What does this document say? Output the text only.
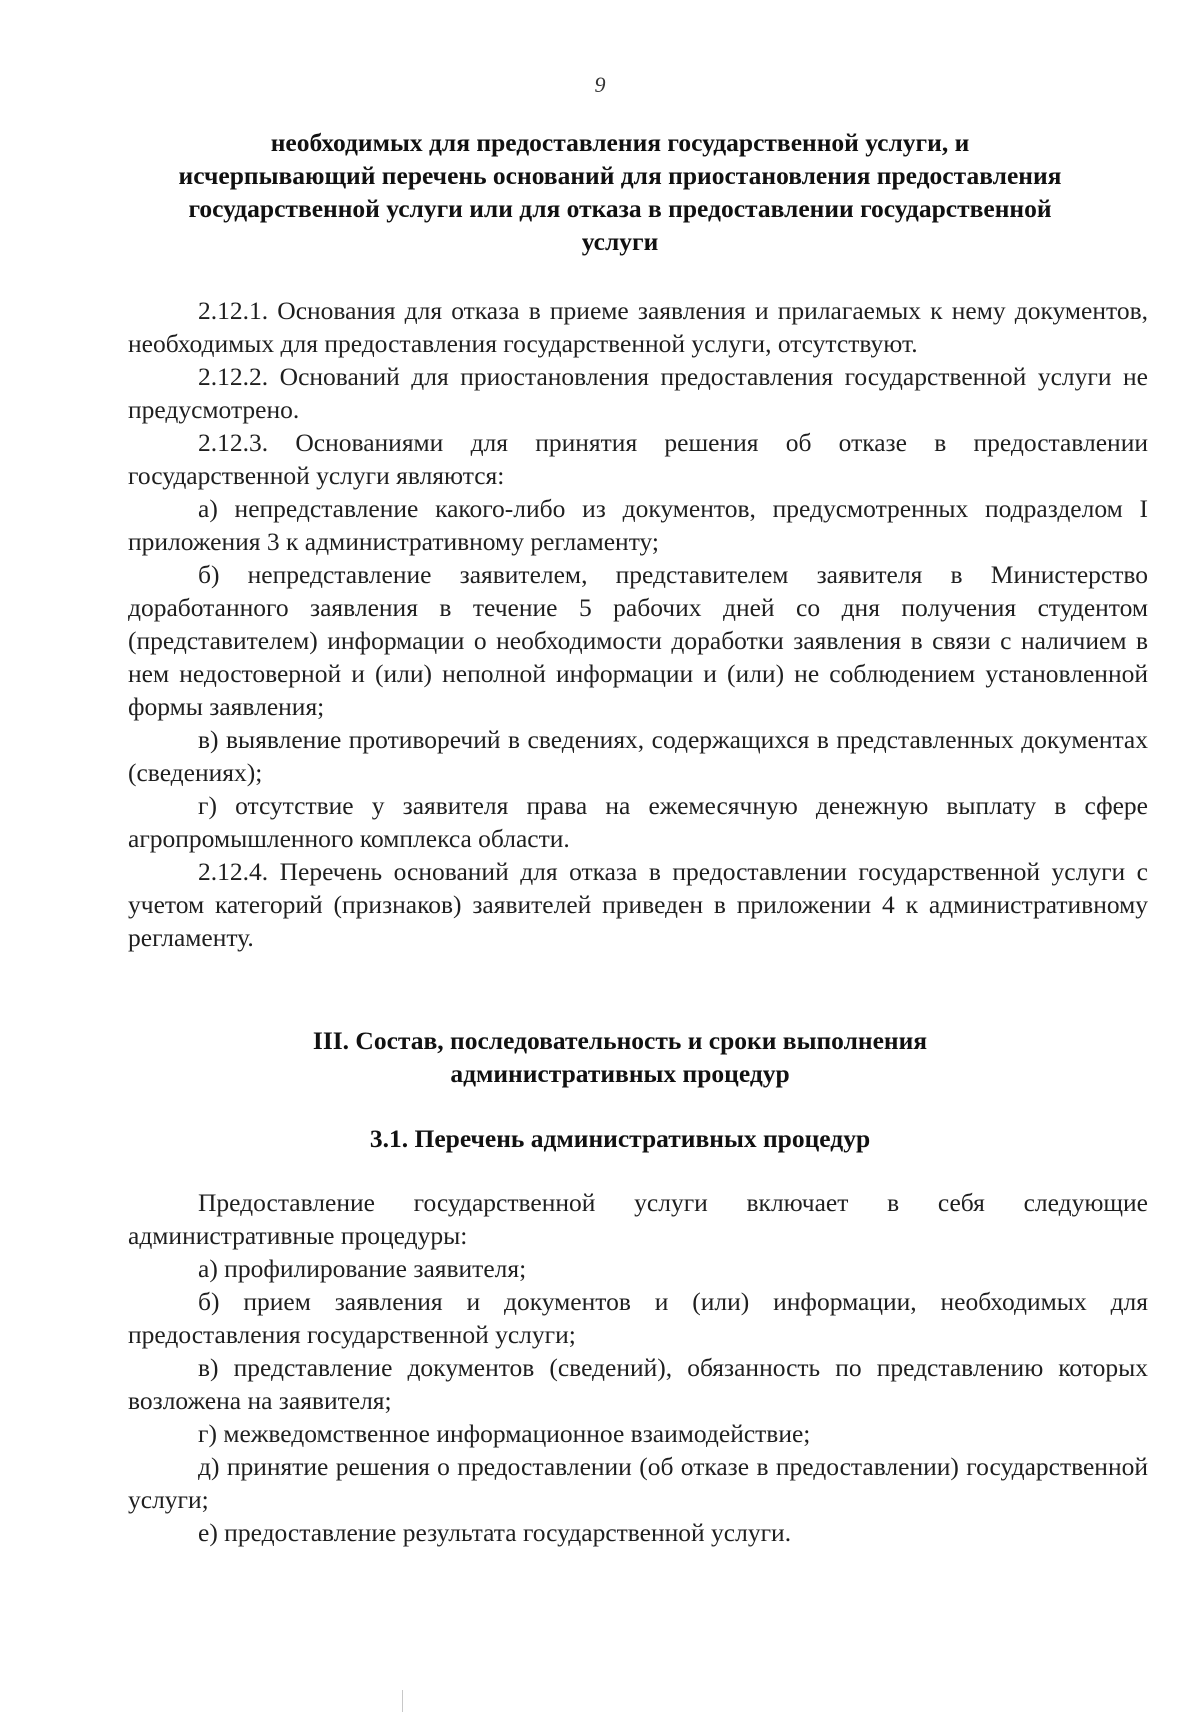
9
необходимых для предоставления государственной услуги, и
исчерпывающий перечень оснований для приостановления предоставления
государственной услуги или для отказа в предоставлении государственной
услуги

2.12.1. Основания для отказа в приеме заявления и прилагаемых к нему документов, необходимых для предоставления государственной услуги, отсутствуют.

2.12.2. Оснований для приостановления предоставления государственной услуги не предусмотрено.

2.12.3. Основаниями для принятия решения об отказе в предоставлении государственной услуги являются:

а) непредставление какого-либо из документов, предусмотренных подразделом I приложения 3 к административному регламенту;

б) непредставление заявителем, представителем заявителя в Министерство доработанного заявления в течение 5 рабочих дней со дня получения студентом (представителем) информации о необходимости доработки заявления в связи с наличием в нем недостоверной и (или) неполной информации и (или) не соблюдением установленной формы заявления;

в) выявление противоречий в сведениях, содержащихся в представленных документах (сведениях);

г) отсутствие у заявителя права на ежемесячную денежную выплату в сфере агропромышленного комплекса области.

2.12.4. Перечень оснований для отказа в предоставлении государственной услуги с учетом категорий (признаков) заявителей приведен в приложении 4 к административному регламенту.

III. Состав, последовательность и сроки выполнения
административных процедур
3.1. Перечень административных процедур

Предоставление государственной услуги включает в себя следующие административные процедуры:

а) профилирование заявителя;

б) прием заявления и документов и (или) информации, необходимых для предоставления государственной услуги;

в) представление документов (сведений), обязанность по представлению которых возложена на заявителя;

г) межведомственное информационное взаимодействие;

д) принятие решения о предоставлении (об отказе в предоставлении) государственной услуги;

е) предоставление результата государственной услуги.
